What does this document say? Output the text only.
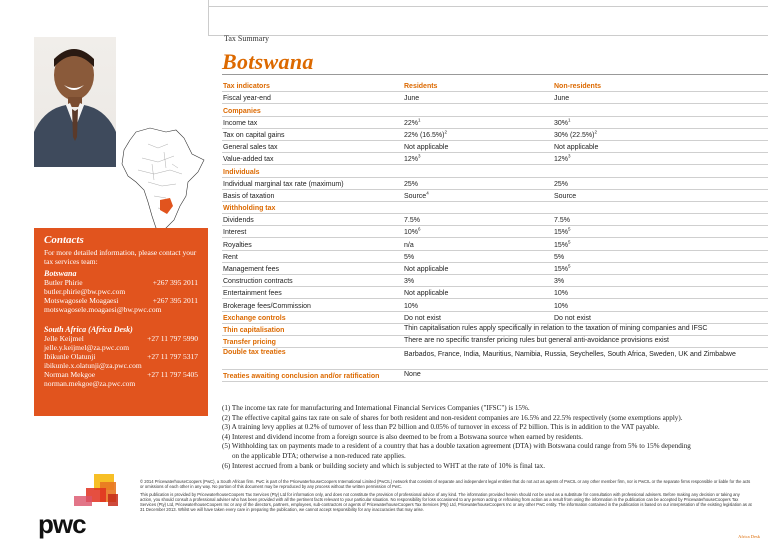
Tax Summary
Botswana
Contacts
For more detailed information, please contact your tax services team:
Botswana
Butler Phirie	+267 395 2011
butler.phirie@bw.pwc.com
Motswagosele Moagaesi	+267 395 2011
motswagosele.moagaesi@bw.pwc.com
South Africa (Africa Desk)
Jelle Keijmel	+27 11 797 5990
jelle.y.keijmel@za.pwc.com
Ibikunle Olatunji	+27 11 797 5317
ibikunle.x.olatunji@za.pwc.com
Norman Mekgoe	+27 11 797 5405
norman.mekgoe@za.pwc.com
pwc
Tax indicators	Residents	Non-residents
Fiscal year-end	June	June
Companies
Income tax	22%$^1$	30%$^1$
Tax on capital gains	22% $(16.5\%)^2$	30% $(22.5\%)^2$
General sales tax	Not applicable	Not applicable
Value-added tax	12%$^3$	12%$^3$
Individuals
Individual marginal tax rate (maximum)	25%	25%
Basis of taxation	Source$^4$	Source
Withholding tax
Dividends	7.5%	7.5%
Interest	10%$^6$	15%$^5$
Royalties	n/a	15%$^5$
Rent	5%	5%
Management fees	Not applicable	15%$^5$
Construction contracts	3%	3%
Entertainment fees	Not applicable	10%
Brokerage fees/Commission	10%	10%
Exchange controls	Do not exist	Do not exist
Thin capitalisation	Thin capitalisation rules apply specifically in relation to the taxation of mining companies and IFSC
Transfer pricing	There are no specific transfer pricing rules but general anti-avoidance provisions exist
Double tax treaties	Barbados, France, India, Mauritius, Namibia, Russia, Seychelles, South Africa, Sweden, UK and Zimbabwe
Treaties awaiting conclusion and/or ratification	None
(1) The income tax rate for manufacturing and International Financial Services Companies ("IFSC") is 15%.
(2) The effective capital gains tax rate on sale of shares for both resident and non-resident companies are 16.5% and 22.5% respectively (some exemptions apply).
(3) A training levy applies at 0.2% of turnover of less than P2 billion and 0.05% of turnover in excess of P2 billion. This is in addition to the VAT payable.
(4) Interest and dividend income from a foreign source is also deemed to be from a Botswana source when earned by residents.
(5) Withholding tax on payments made to a resident of a country that has a double taxation agreement (DTA) with Botswana could range from 5% to 15% depending
on the applicable DTA; otherwise a non-reduced rate applies.
(6) Interest accrued from a bank or building society and which is subjected to WHT at the rate of 10% is final tax.

© 2014 PricewaterhouseCoopers (PwC), a South African firm. PwC is part of the PricewaterhouseCoopers International Limited (PwCIL) network that consists of separate and independent legal entities that do not act as agents of PwCIL or any other member firm, nor is PwCIL or the separate firms responsible or liable for the acts or omissions of each other in any way. No portion of this document may be reproduced by any process without the written permission of PwC.

This publication is provided by PricewaterhouseCoopers Tax Services (Pty) Ltd for information only, and does not constitute the provision of professional advice of any kind. The information provided herein should not be used as a substitute for consultation with professional advisers. Before making any decision or taking any action, you should consult a professional adviser who has been provided with all the pertinent facts relevant to your particular situation. No responsibility for loss occasioned to any person acting or refraining from action as a result from using the information in the publication can be accepted by PricewaterhouseCoopers Tax Services (Pty) Ltd, PricewaterhouseCoopers Inc or any of the directors, partners, employees, sub-contractors or agents of PricewaterhouseCoopers Tax Services (Pty) Ltd, PricewaterhouseCoopers Inc or any other PwC entity. The information contained in the publication is based on our interpretation of the existing legislation as at 31 December 2013. Whilst we will have taken every care in preparing the publication, we cannot accept responsibility for any inaccuracies that may arise.

Africa Desk
